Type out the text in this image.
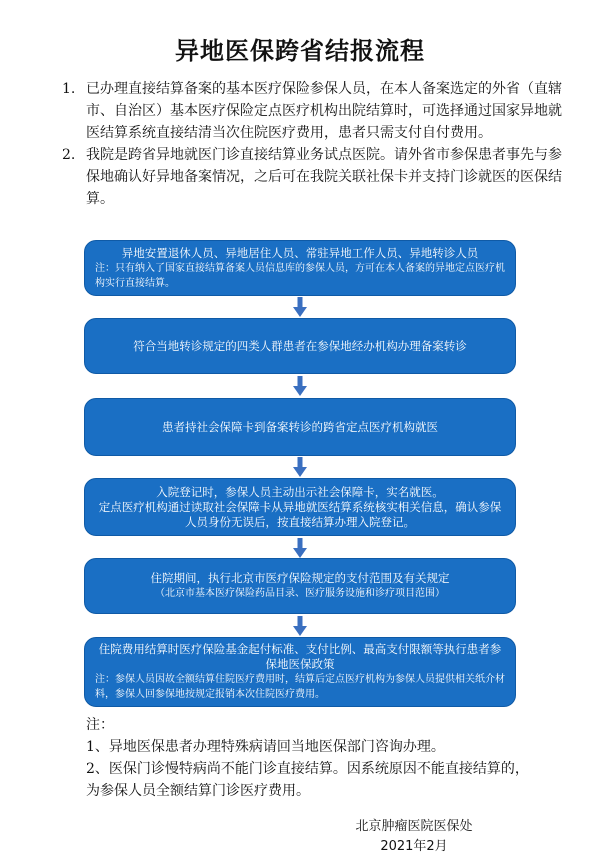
异地医保跨省结报流程
1. 已办理直接结算备案的基本医疗保险参保人员，在本人备案选定的外省（直辖市、自治区）基本医疗保险定点医疗机构出院结算时，可选择通过国家异地就医结算系统直接结清当次住院医疗费用，患者只需支付自付费用。
2. 我院是跨省异地就医门诊直接结算业务试点医院。请外省市参保患者事先与参保地确认好异地备案情况，之后可在我院关联社保卡并支持门诊就医的医保结算。
异地安置退休人员、异地居住人员、常驻异地工作人员、异地转诊人员
注：只有纳入了国家直接结算备案人员信息库的参保人员，方可在本人备案的异地定点医疗机构实行直接结算。
符合当地转诊规定的四类人群患者在参保地经办机构办理备案转诊
患者持社会保障卡到备案转诊的跨省定点医疗机构就医
入院登记时，参保人员主动出示社会保障卡，实名就医。
定点医疗机构通过读取社会保障卡从异地就医结算系统核实相关信息，确认参保人员身份无误后，按直接结算办理入院登记。
住院期间，执行北京市医疗保险规定的支付范围及有关规定
（北京市基本医疗保险药品目录、医疗服务设施和诊疗项目范围）
住院费用结算时医疗保险基金起付标准、支付比例、最高支付限额等执行患者参保地医保政策
注：参保人员因故全额结算住院医疗费用时，结算后定点医疗机构为参保人员提供相关纸介材料，参保人回参保地按规定报销本次住院医疗费用。
注：
1、异地医保患者办理特殊病请回当地医保部门咨询办理。
2、医保门诊慢特病尚不能门诊直接结算。因系统原因不能直接结算的，为参保人员全额结算门诊医疗费用。
北京肿瘤医院医保处
2021年2月
